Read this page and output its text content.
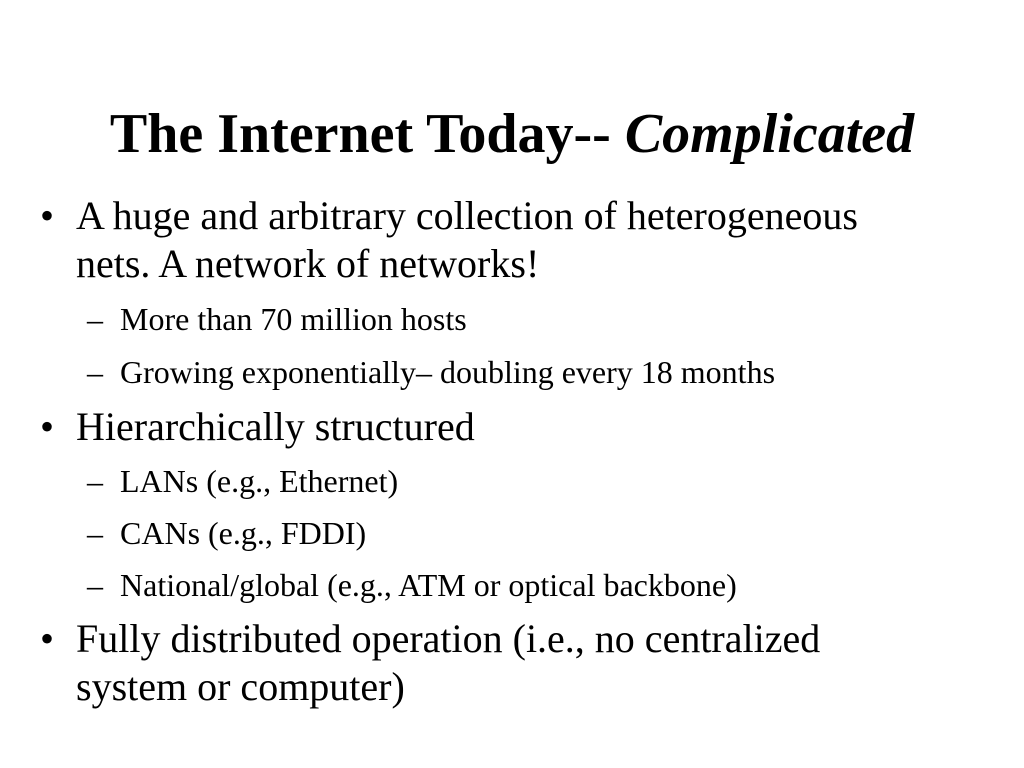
The Internet Today-- Complicated
• A huge and arbitrary collection of heterogeneous
nets. A network of networks!
– More than 70 million hosts
– Growing exponentially– doubling every 18 months
• Hierarchically structured
– LANs (e.g., Ethernet)
– CANs (e.g., FDDI)
– National/global (e.g., ATM or optical backbone)
• Fully distributed operation (i.e., no centralized
system or computer)
